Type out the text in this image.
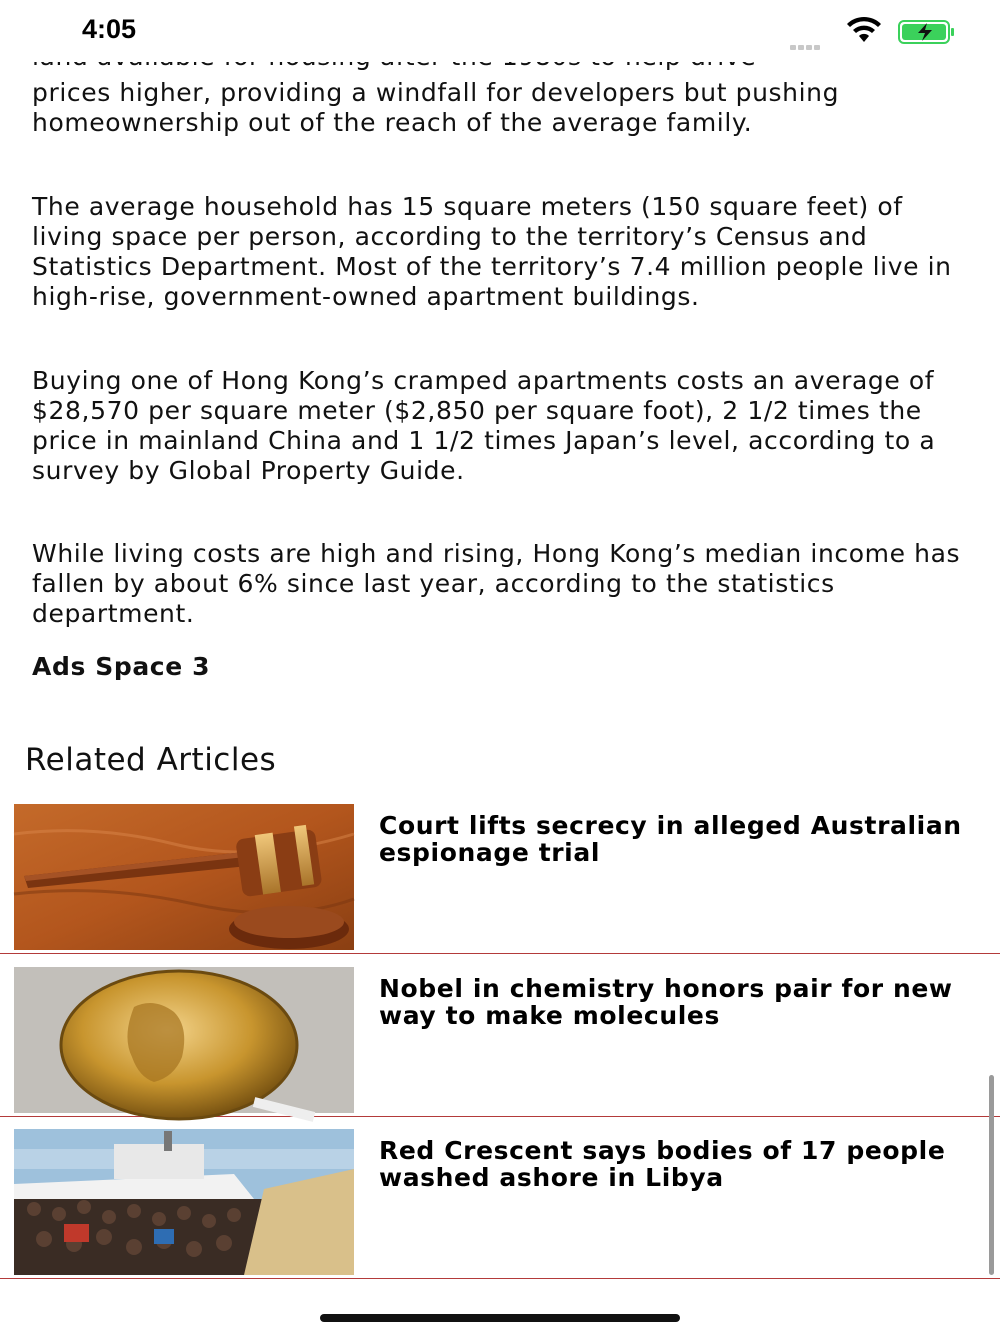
4:05

prices higher, providing a windfall for developers but pushing homeownership out of the reach of the average family.

The average household has 15 square meters (150 square feet) of living space per person, according to the territory’s Census and Statistics Department. Most of the territory’s 7.4 million people live in high-rise, government-owned apartment buildings.

Buying one of Hong Kong’s cramped apartments costs an average of $28,570 per square meter ($2,850 per square foot), 2 1/2 times the price in mainland China and 1 1/2 times Japan’s level, according to a survey by Global Property Guide.

While living costs are high and rising, Hong Kong’s median income has fallen by about 6% since last year, according to the statistics department.

Ads Space 3
Related Articles
Court lifts secrecy in alleged Australian espionage trial
Nobel in chemistry honors pair for new way to make molecules
Red Crescent says bodies of 17 people washed ashore in Libya
